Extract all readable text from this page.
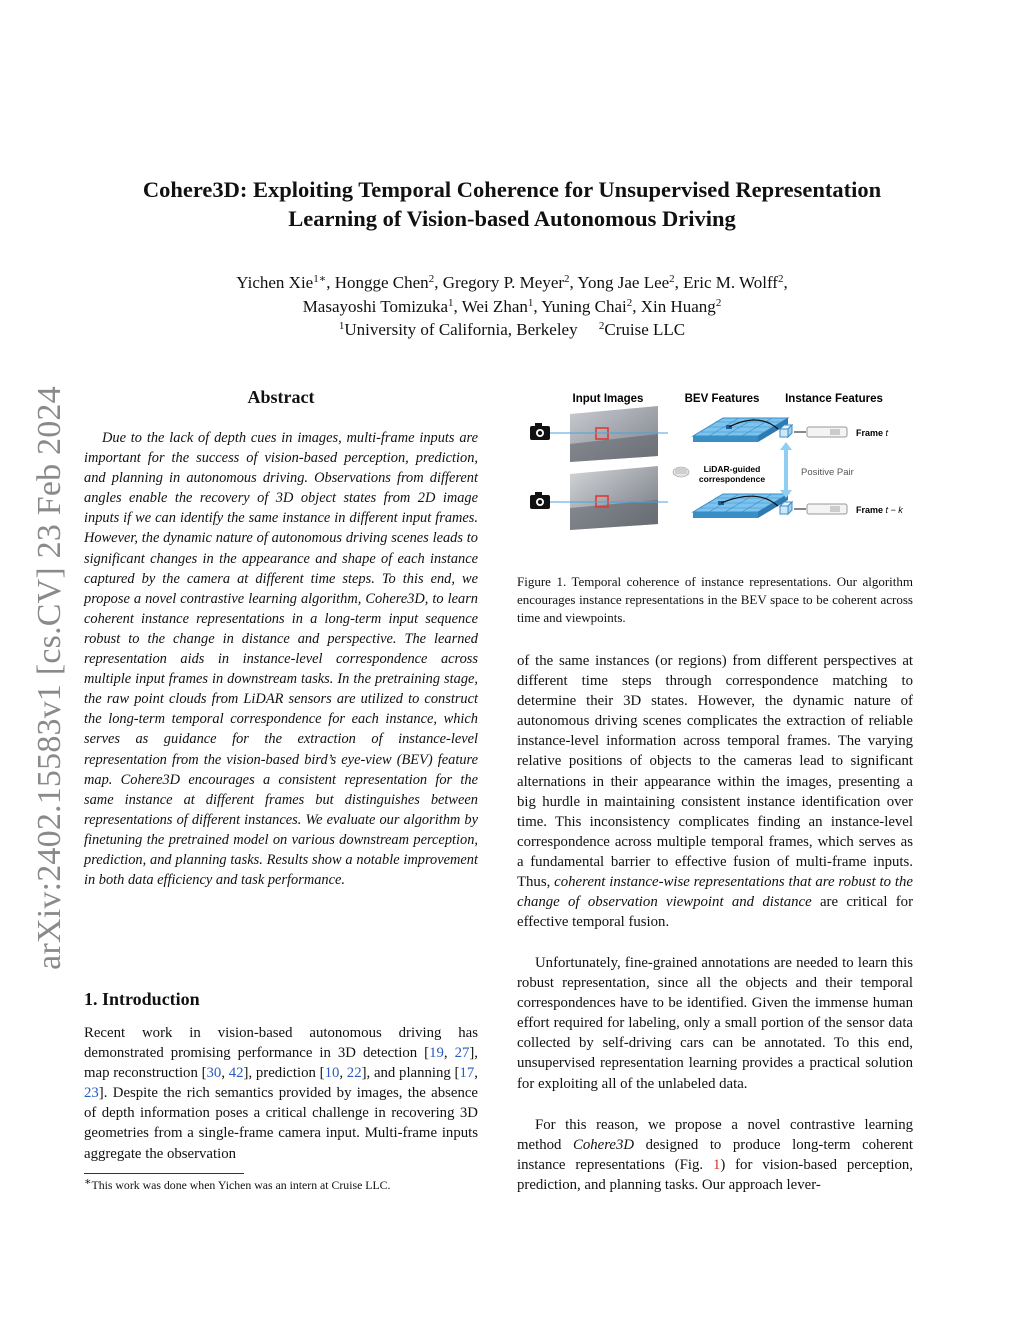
arXiv:2402.15583v1 [cs.CV] 23 Feb 2024
Cohere3D: Exploiting Temporal Coherence for Unsupervised Representation
Learning of Vision-based Autonomous Driving
Yichen Xie$^{1∗}$, Hongge Chen$^2$, Gregory P. Meyer$^2$, Yong Jae Lee$^2$, Eric M. Wolff$^2$,
Masayoshi Tomizuka$^1$, Wei Zhan$^1$, Yuning Chai$^2$, Xin Huang$^2$
$^1$University of California, Berkeley $^2$Cruise LLC
Abstract
Due to the lack of depth cues in images, multi-frame inputs are important for the success of vision-based perception, prediction, and planning in autonomous driving. Observations from different angles enable the recovery of 3D object states from 2D image inputs if we can identify the same instance in different input frames. However, the dynamic nature of autonomous driving scenes leads to significant changes in the appearance and shape of each instance captured by the camera at different time steps. To this end, we propose a novel contrastive learning algorithm, Cohere3D, to learn coherent instance representations in a long-term input sequence robust to the change in distance and perspective. The learned representation aids in instance-level correspondence across multiple input frames in downstream tasks. In the pretraining stage, the raw point clouds from LiDAR sensors are utilized to construct the long-term temporal correspondence for each instance, which serves as guidance for the extraction of instance-level representation from the vision-based bird’s eye-view (BEV) feature map. Cohere3D encourages a consistent representation for the same instance at different frames but distinguishes between representations of different instances. We evaluate our algorithm by finetuning the pretrained model on various downstream perception, prediction, and planning tasks. Results show a notable improvement in both data efficiency and task performance.
1. Introduction
Recent work in vision-based autonomous driving has demonstrated promising performance in 3D detection [19, 27], map reconstruction [30, 42], prediction [10, 22], and planning [17, 23]. Despite the rich semantics provided by images, the absence of depth information poses a critical challenge in recovering 3D geometries from a single-frame camera input. Multi-frame inputs aggregate the observation
∗This work was done when Yichen was an intern at Cruise LLC.
Input Images	BEV Features Instance Features
LiDAR-guided
correspondence
Frame t
Frame t − k
Positive Pair
Figure 1. Temporal coherence of instance representations. Our algorithm encourages instance representations in the BEV space to be coherent across time and viewpoints.
of the same instances (or regions) from different perspectives at different time steps through correspondence matching to determine their 3D states. However, the dynamic nature of autonomous driving scenes complicates the extraction of reliable instance-level information across temporal frames. The varying relative positions of objects to the cameras lead to significant alternations in their appearance within the images, presenting a big hurdle in maintaining consistent instance identification over time. This inconsistency complicates finding an instance-level correspondence across multiple temporal frames, which serves as a fundamental barrier to effective fusion of multi-frame inputs. Thus, coherent instance-wise representations that are robust to the change of observation viewpoint and distance are critical for effective temporal fusion.
Unfortunately, fine-grained annotations are needed to learn this robust representation, since all the objects and their temporal correspondences have to be identified. Given the immense human effort required for labeling, only a small portion of the sensor data collected by self-driving cars can be annotated. To this end, unsupervised representation learning provides a practical solution for exploiting all of the unlabeled data.
For this reason, we propose a novel contrastive learning method Cohere3D designed to produce long-term coherent instance representations (Fig. 1) for vision-based perception, prediction, and planning tasks. Our approach lever-
